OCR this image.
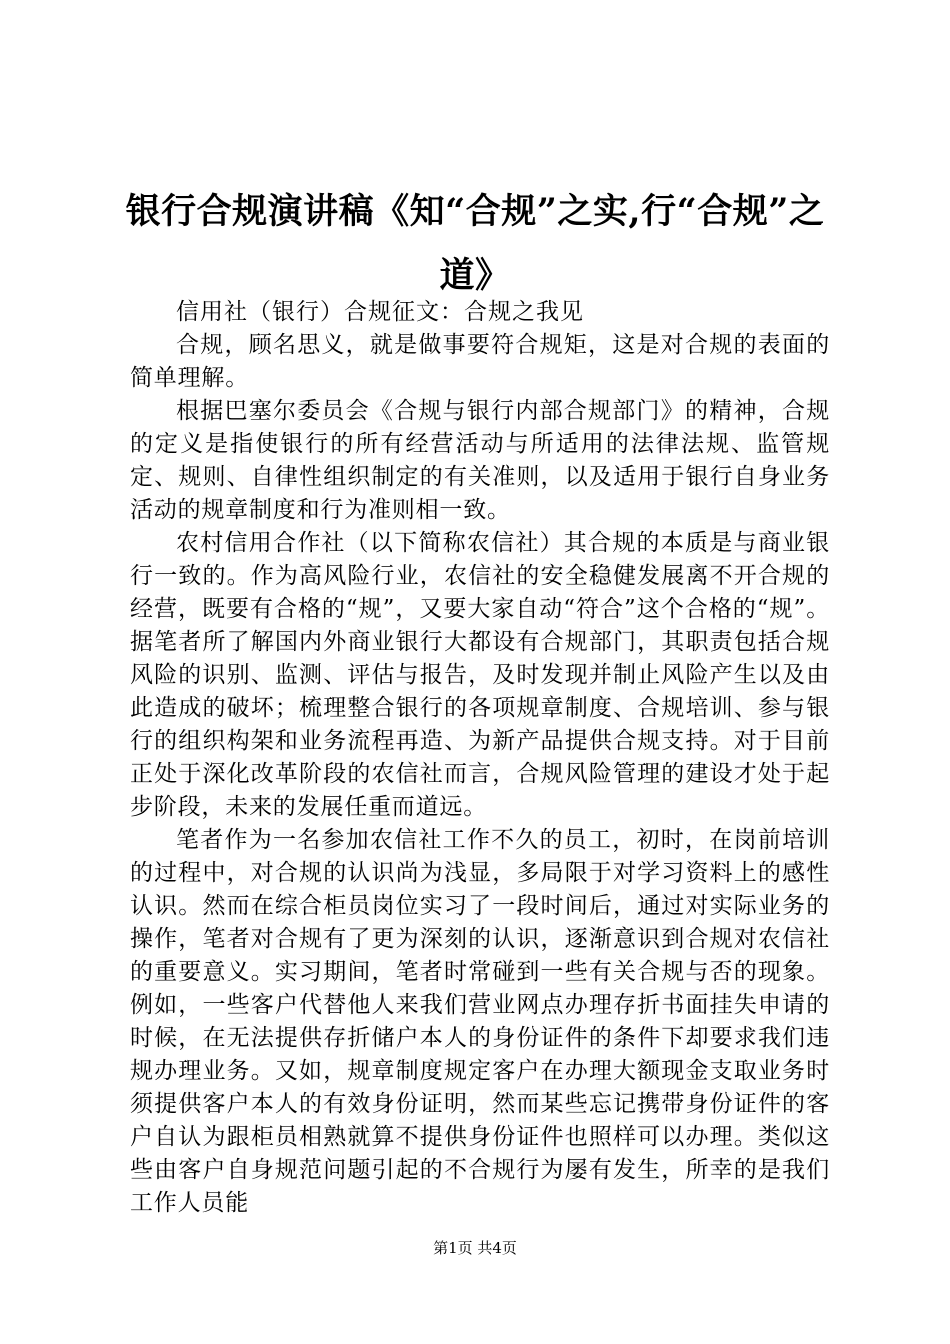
银行合规演讲稿《知“合规”之实,行“合规”之道》

信用社（银行）合规征文：合规之我见

合规，顾名思义，就是做事要符合规矩，这是对合规的表面的简单理解。

根据巴塞尔委员会《合规与银行内部合规部门》的精神，合规的定义是指使银行的所有经营活动与所适用的法律法规、监管规定、规则、自律性组织制定的有关准则，以及适用于银行自身业务活动的规章制度和行为准则相一致。

农村信用合作社（以下简称农信社）其合规的本质是与商业银行一致的。作为高风险行业，农信社的安全稳健发展离不开合规的经营，既要有合格的“规”，又要大家自动“符合”这个合格的“规”。据笔者所了解国内外商业银行大都设有合规部门，其职责包括合规风险的识别、监测、评估与报告，及时发现并制止风险产生以及由此造成的破坏；梳理整合银行的各项规章制度、合规培训、参与银行的组织构架和业务流程再造、为新产品提供合规支持。对于目前正处于深化改革阶段的农信社而言，合规风险管理的建设才处于起步阶段，未来的发展任重而道远。

笔者作为一名参加农信社工作不久的员工，初时，在岗前培训的过程中，对合规的认识尚为浅显，多局限于对学习资料上的感性认识。然而在综合柜员岗位实习了一段时间后，通过对实际业务的操作，笔者对合规有了更为深刻的认识，逐渐意识到合规对农信社的重要意义。实习期间，笔者时常碰到一些有关合规与否的现象。例如，一些客户代替他人来我们营业网点办理存折书面挂失申请的时候，在无法提供存折储户本人的身份证件的条件下却要求我们违规办理业务。又如，规章制度规定客户在办理大额现金支取业务时须提供客户本人的有效身份证明，然而某些忘记携带身份证件的客户自认为跟柜员相熟就算不提供身份证件也照样可以办理。类似这些由客户自身规范问题引起的不合规行为屡有发生，所幸的是我们工作人员能

第1页 共4页
